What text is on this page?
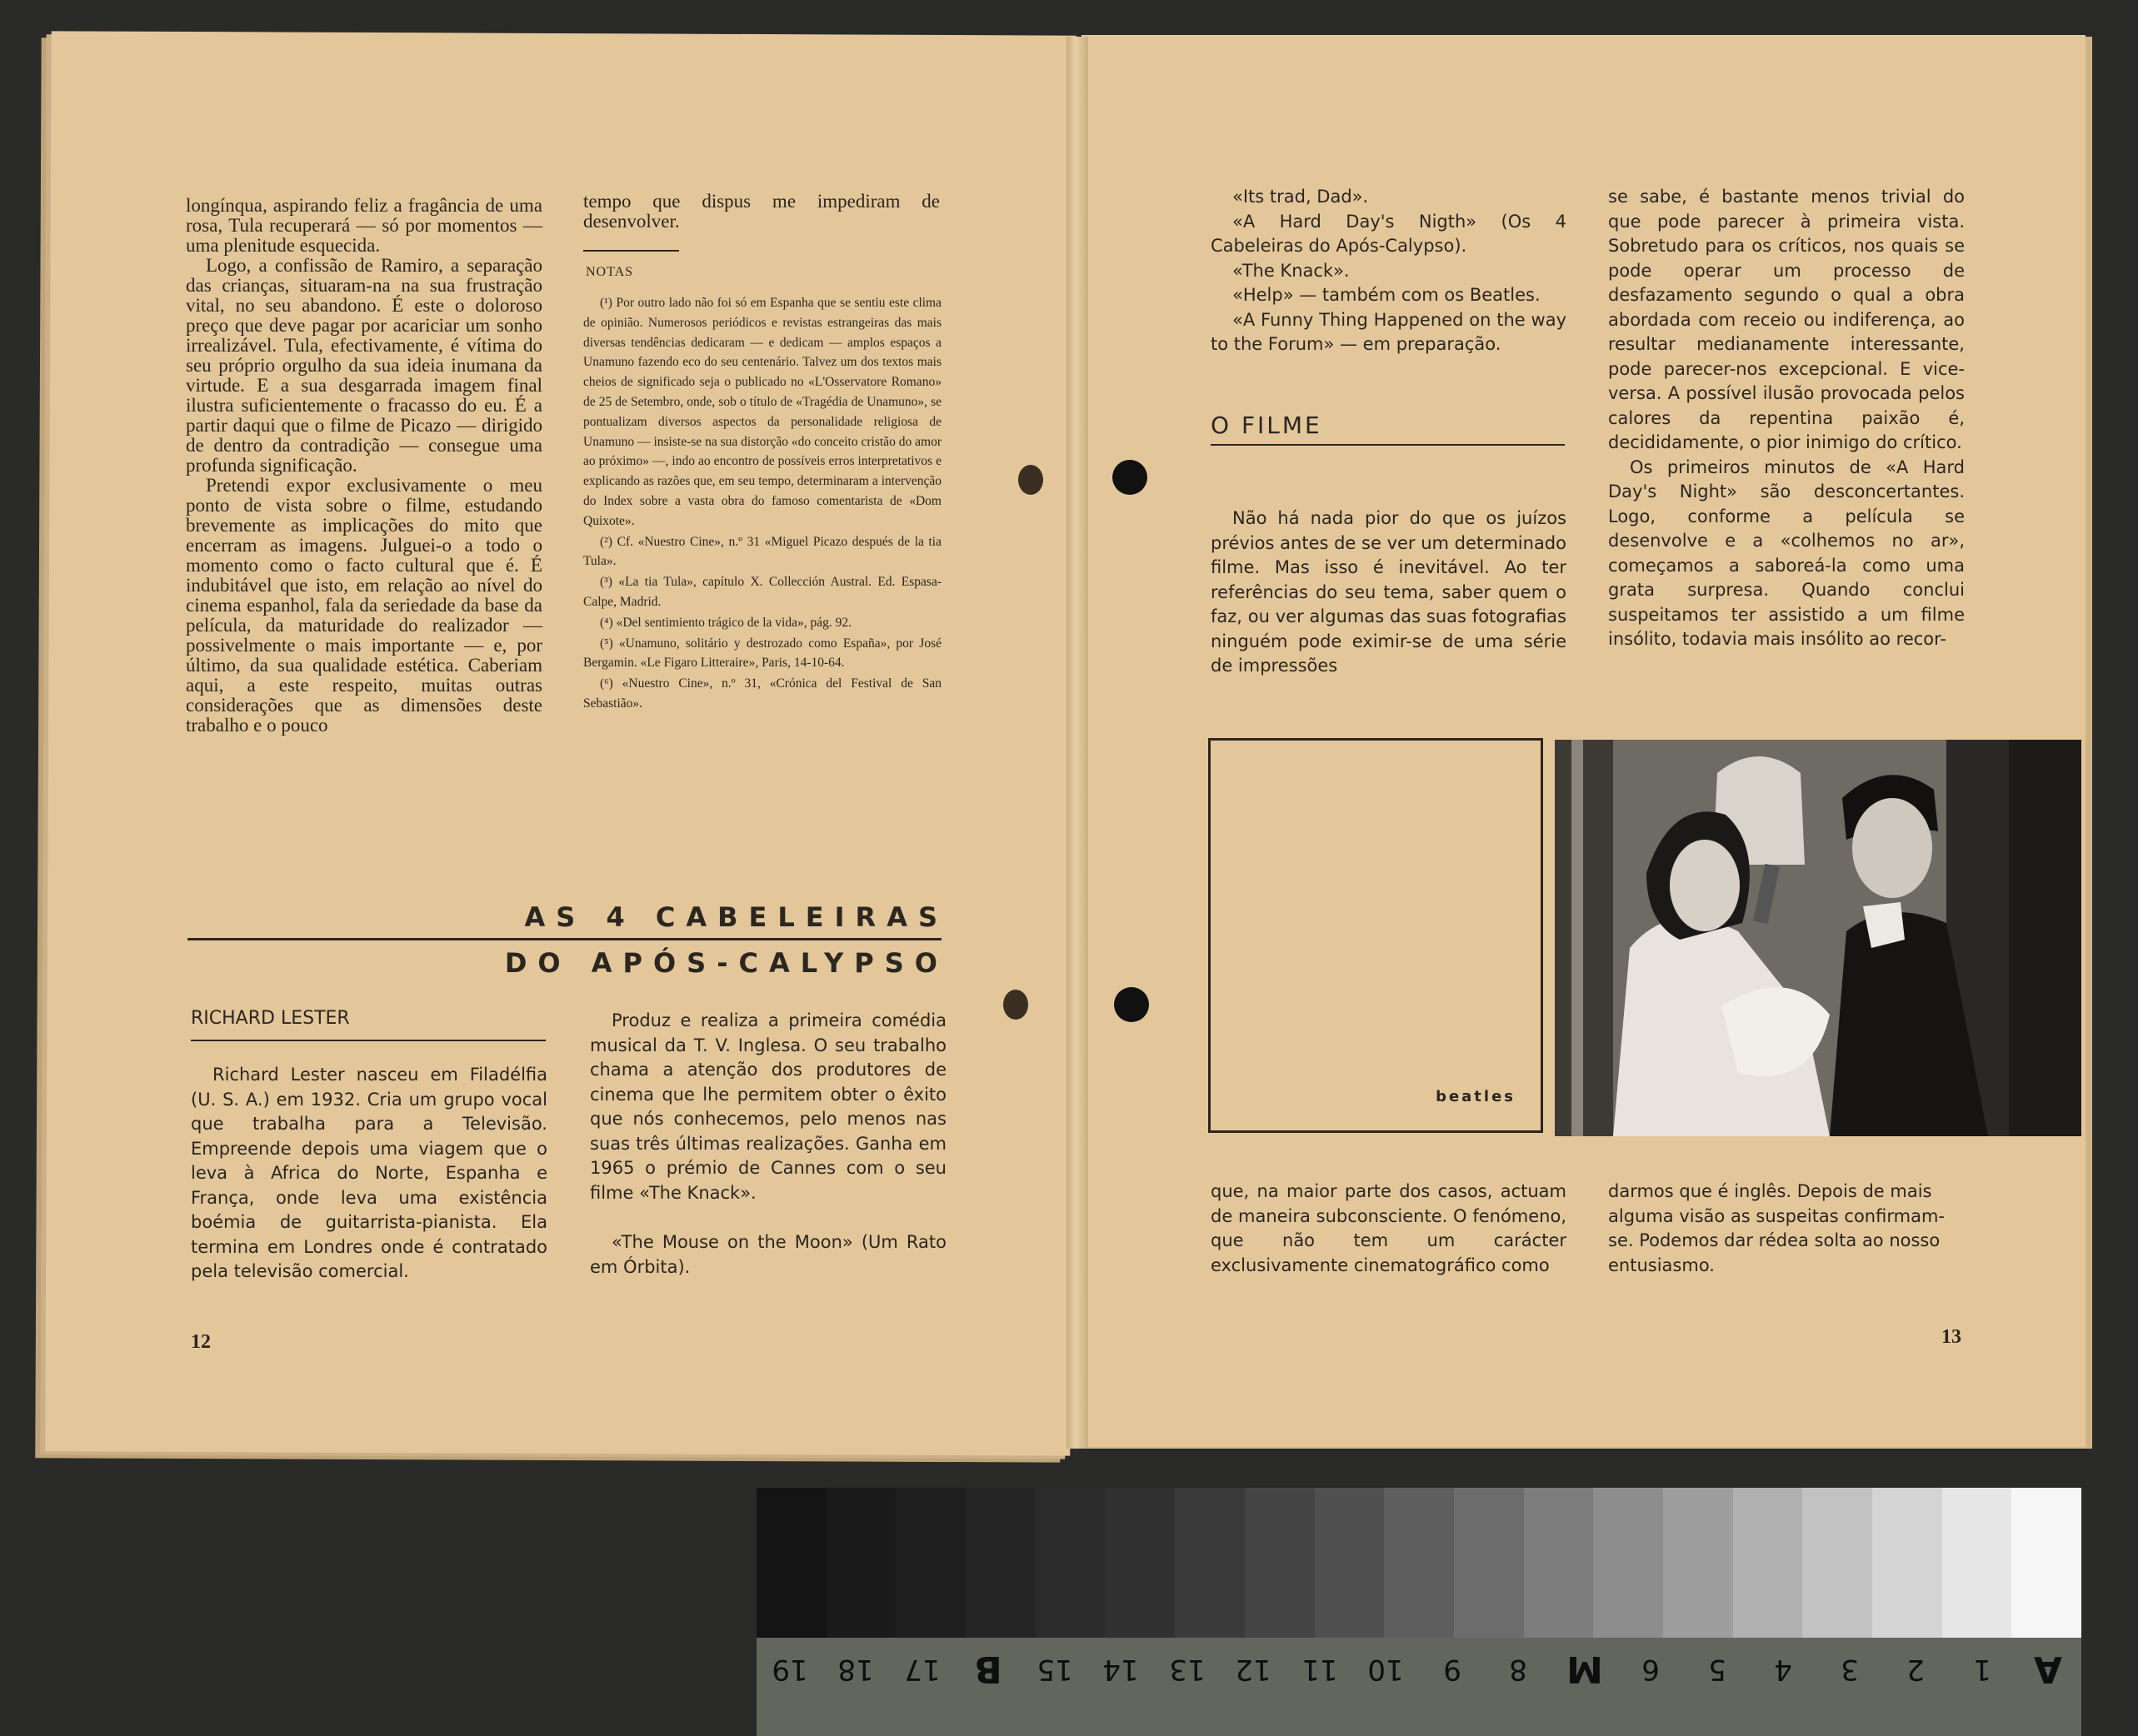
longínqua, aspirando feliz a fragância de uma rosa, Tula recuperará — só por momentos — uma plenitude esquecida.

Logo, a confissão de Ramiro, a separação das crianças, situaram-na na sua frustração vital, no seu abandono. É este o doloroso preço que deve pagar por acariciar um sonho irrealizável. Tula, efectivamente, é vítima do seu próprio orgulho da sua ideia inumana da virtude. E a sua desgarrada imagem final ilustra suficientemente o fracasso do eu. É a partir daqui que o filme de Picazo — dirigido de dentro da contradição — consegue uma profunda significação.

Pretendi expor exclusivamente o meu ponto de vista sobre o filme, estudando brevemente as implicações do mito que encerram as imagens. Julguei-o a todo o momento como o facto cultural que é. É indubitável que isto, em relação ao nível do cinema espanhol, fala da seriedade da base da película, da maturidade do realizador — possivelmente o mais importante — e, por último, da sua qualidade estética. Caberiam aqui, a este respeito, muitas outras considerações que as dimensões deste trabalho e o pouco

tempo que dispus me impediram de desenvolver.
NOTAS

(¹) Por outro lado não foi só em Espanha que se sentiu este clima de opinião. Numerosos periódicos e revistas estrangeiras das mais diversas tendências dedicaram — e dedicam — amplos espaços a Unamuno fazendo eco do seu centenário. Talvez um dos textos mais cheios de significado seja o publicado no «L'Osservatore Romano» de 25 de Setembro, onde, sob o título de «Tragédia de Unamuno», se pontualizam diversos aspectos da personalidade religiosa de Unamuno — insiste-se na sua distorção «do conceito cristão do amor ao próximo» —, indo ao encontro de possíveis erros interpretativos e explicando as razões que, em seu tempo, determinaram a intervenção do Index sobre a vasta obra do famoso comentarista de «Dom Quixote».

(²) Cf. «Nuestro Cine», n.º 31 «Miguel Picazo después de la tia Tula».

(³) «La tia Tula», capítulo X. Collección Austral. Ed. Espasa-Calpe, Madrid.

(⁴) «Del sentimiento trágico de la vida», pág. 92.

(⁵) «Unamuno, solitário y destrozado como España», por José Bergamin. «Le Figaro Litteraire», Paris, 14-10-64.

(⁶) «Nuestro Cine», n.º 31, «Crónica del Festival de San Sebastião».

AS 4 CABELEIRAS
DO APÓS-CALYPSO
RICHARD LESTER

Richard Lester nasceu em Filadélfia (U. S. A.) em 1932. Cria um grupo vocal que trabalha para a Televisão. Empreende depois uma viagem que o leva à Africa do Norte, Espanha e França, onde leva uma existência boémia de guitarrista-pianista. Ela termina em Londres onde é contratado pela televisão comercial.

Produz e realiza a primeira comédia musical da T. V. Inglesa. O seu trabalho chama a atenção dos produtores de cinema que lhe permitem obter o êxito que nós conhecemos, pelo menos nas suas três últimas realizações. Ganha em 1965 o prémio de Cannes com o seu filme «The Knack».

«The Mouse on the Moon» (Um Rato em Órbita).

12

«Its trad, Dad».

«A Hard Day's Nigth» (Os 4 Cabeleiras do Após-Calypso).

«The Knack».

«Help» — também com os Beatles.

«A Funny Thing Happened on the way to the Forum» — em preparação.

O FILME

Não há nada pior do que os juízos prévios antes de se ver um determinado filme. Mas isso é inevitável. Ao ter referências do seu tema, saber quem o faz, ou ver algumas das suas fotografias ninguém pode eximir-se de uma série de impressões

se sabe, é bastante menos trivial do que pode parecer à primeira vista. Sobretudo para os críticos, nos quais se pode operar um processo de desfazamento segundo o qual a obra abordada com receio ou indiferença, ao resultar medianamente interessante, pode parecer-nos excepcional. E vice-versa. A possível ilusão provocada pelos calores da repentina paixão é, decididamente, o pior inimigo do crítico.

Os primeiros minutos de «A Hard Day's Night» são desconcertantes. Logo, conforme a película se desenvolve e a «colhemos no ar», começamos a saboreá-la como uma grata surpresa. Quando conclui suspeitamos ter assistido a um filme insólito, todavia mais insólito ao recor-

beatles

que, na maior parte dos casos, actuam de maneira subconsciente. O fenómeno, que não tem um carácter exclusivamente cinematográfico como

darmos que é inglês. Depois de mais alguma visão as suspeitas confirmam-se. Podemos dar rédea solta ao nosso entusiasmo.

13
19 18 17 B	15 14 13 12 11 10	9	8	M	6	5	4	3	2	1	A
